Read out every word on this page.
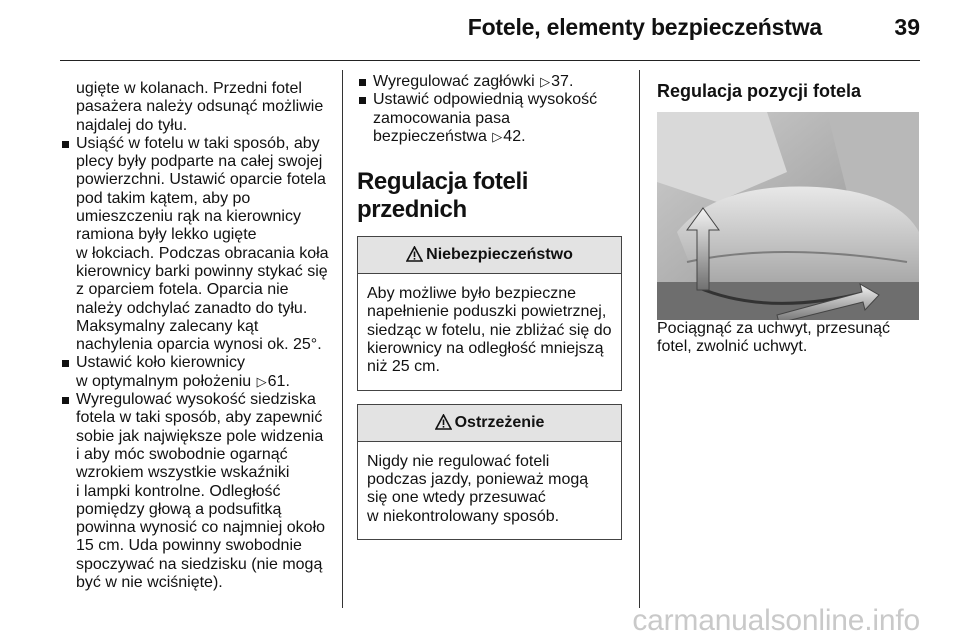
Fotele, elementy bezpieczeństwa	39

ugięte w kolanach. Przedni fotel
pasażera należy odsunąć możliwie
najdalej do tyłu.

Usiąść w fotelu w taki sposób, aby
plecy były podparte na całej swojej
powierzchni. Ustawić oparcie fotela
pod takim kątem, aby po
umieszczeniu rąk na kierownicy
ramiona były lekko ugięte
w łokciach. Podczas obracania koła
kierownicy barki powinny stykać się
z oparciem fotela. Oparcia nie
należy odchylać zanadto do tyłu.
Maksymalny zalecany kąt
nachylenia oparcia wynosi ok. 25°.

Ustawić koło kierownicy
w optymalnym położeniu ▷61.

Wyregulować wysokość siedziska
fotela w taki sposób, aby zapewnić
sobie jak największe pole widzenia
i aby móc swobodnie ogarnąć
wzrokiem wszystkie wskaźniki
i lampki kontrolne. Odległość
pomiędzy głową a podsufitką
powinna wynosić co najmniej około
15 cm. Uda powinny swobodnie
spoczywać na siedzisku (nie mogą
być w nie wciśnięte).

Wyregulować zagłówki ▷37.

Ustawić odpowiednią wysokość
zamocowania pasa
bezpieczeństwa ▷42.

Regulacja foteli przednich
Niebezpieczeństwo
Aby możliwe było bezpieczne
napełnienie poduszki powietrznej,
siedząc w fotelu, nie zbliżać się do
kierownicy na odległość mniejszą
niż 25 cm.
Ostrzeżenie
Nigdy nie regulować foteli
podczas jazdy, ponieważ mogą
się one wtedy przesuwać
w niekontrolowany sposób.
Regulacja pozycji fotela

Pociągnąć za uchwyt, przesunąć
fotel, zwolnić uchwyt.

carmanualsonline.info
